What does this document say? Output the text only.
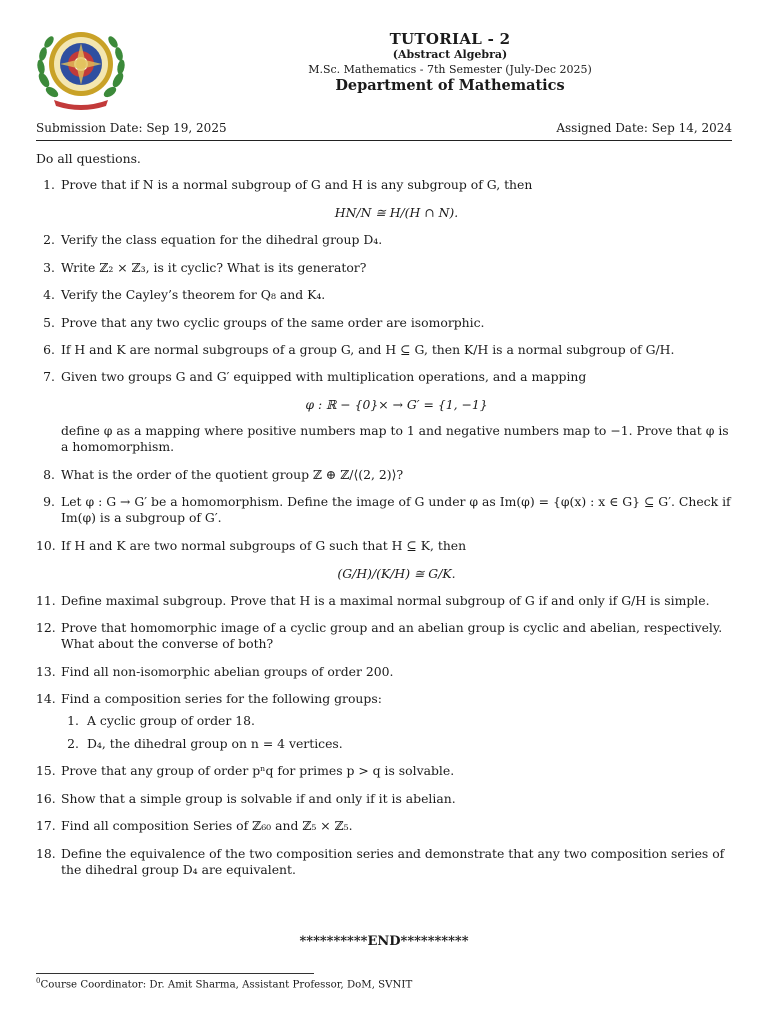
TUTORIAL - 2
(Abstract Algebra)
M.Sc. Mathematics - 7th Semester (July-Dec 2025)
Department of Mathematics
Submission Date: Sep 19, 2025	Assigned Date: Sep 14, 2024

Do all questions.

1. Prove that if N is a normal subgroup of G and H is any subgroup of G, then
HN/N ≅ H/(H ∩ N).
2. Verify the class equation for the dihedral group D₄.
3. Write ℤ₂ × ℤ₃, is it cyclic? What is its generator?
4. Verify the Cayley’s theorem for Q₈ and K₄.
5. Prove that any two cyclic groups of the same order are isomorphic.
6. If H and K are normal subgroups of a group G, and H ⊆ G, then K/H is a normal subgroup of G/H.
7. Given two groups G and G′ equipped with multiplication operations, and a mapping
φ : ℝ − {0}× → G′ = {1, −1}
define φ as a mapping where positive numbers map to 1 and negative numbers map to −1. Prove that φ is a homomorphism.
8. What is the order of the quotient group ℤ ⊕ ℤ/⟨(2, 2)⟩?
9. Let φ : G → G′ be a homomorphism. Define the image of G under φ as Im(φ) = {φ(x) : x ∈ G} ⊆ G′. Check if Im(φ) is a subgroup of G′.
10. If H and K are two normal subgroups of G such that H ⊆ K, then
(G/H)/(K/H) ≅ G/K.
11. Define maximal subgroup. Prove that H is a maximal normal subgroup of G if and only if G/H is simple.
12. Prove that homomorphic image of a cyclic group and an abelian group is cyclic and abelian, respectively. What about the converse of both?
13. Find all non-isomorphic abelian groups of order 200.
14. Find a composition series for the following groups:
1. A cyclic group of order 18.
2. D₄, the dihedral group on n = 4 vertices.
15. Prove that any group of order pⁿq for primes p > q is solvable.
16. Show that a simple group is solvable if and only if it is abelian.
17. Find all composition Series of ℤ₆₀ and ℤ₅ × ℤ₅.
18. Define the equivalence of the two composition series and demonstrate that any two composition series of the dihedral group D₄ are equivalent.
**********END**********
$^0$Course Coordinator: Dr. Amit Sharma, Assistant Professor, DoM, SVNIT
